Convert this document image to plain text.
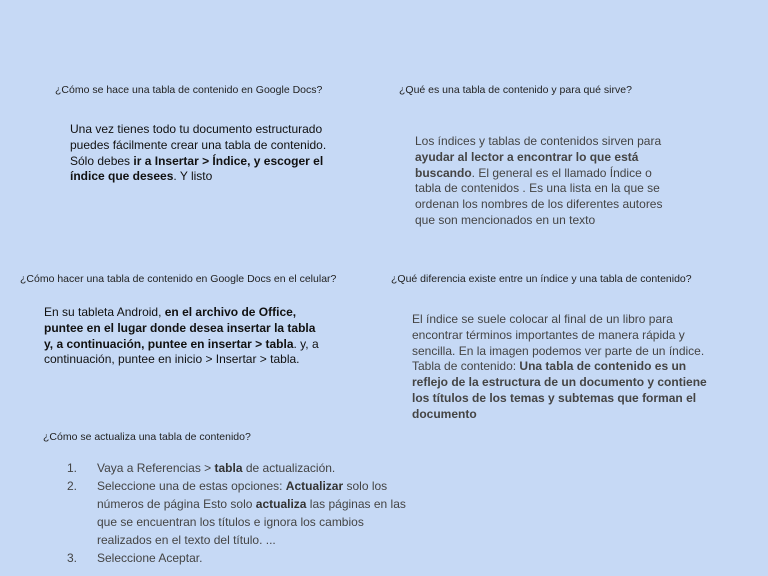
¿Cómo se hace una tabla de contenido en Google Docs?
Una vez tienes todo tu documento estructurado puedes fácilmente crear una tabla de contenido. Sólo debes ir a Insertar > Índice, y escoger el índice que desees. Y listo
¿Qué es una tabla de contenido y para qué sirve?
Los índices y tablas de contenidos sirven para ayudar al lector a encontrar lo que está buscando. El general es el llamado Índice o tabla de contenidos . Es una lista en la que se ordenan los nombres de los diferentes autores que son mencionados en un texto
¿Cómo hacer una tabla de contenido en Google Docs en el celular?
En su tableta Android, en el archivo de Office, puntee en el lugar donde desea insertar la tabla y, a continuación, puntee en insertar > tabla. y, a continuación, puntee en inicio > Insertar > tabla.
¿Qué diferencia existe entre un índice y una tabla de contenido?
El índice se suele colocar al final de un libro para encontrar términos importantes de manera rápida y sencilla. En la imagen podemos ver parte de un índice. Tabla de contenido: Una tabla de contenido es un reflejo de la estructura de un documento y contiene los títulos de los temas y subtemas que forman el documento
¿Cómo se actualiza una tabla de contenido?
1. Vaya a Referencias > tabla de actualización.
2. Seleccione una de estas opciones: Actualizar solo los números de página Esto solo actualiza las páginas en las que se encuentran los títulos e ignora los cambios realizados en el texto del título. ...
3. Seleccione Aceptar.
